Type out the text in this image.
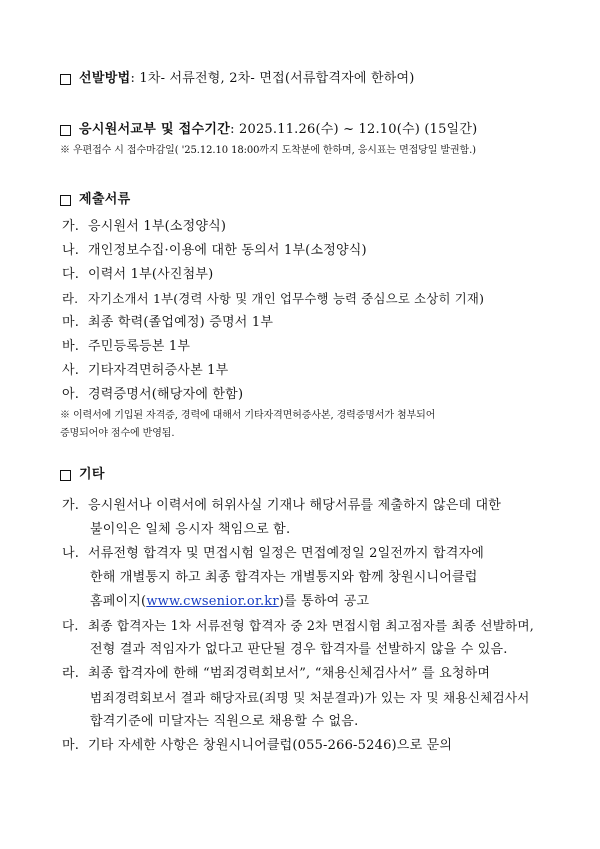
선발방법 : 1차- 서류전형, 2차- 면접(서류합격자에 한하여)
응시원서교부 및 접수기간 : 2025.11.26(수) ~ 12.10(수) (15일간)
※ 우편접수 시 접수마감일( '25.12.10 18:00까지 도착분에 한하며, 응시표는 면접당일 발권함.)
제출서류
가. 응시원서 1부(소정양식)
나. 개인정보수집·이용에 대한 동의서 1부(소정양식)
다. 이력서 1부(사진첨부)
라. 자기소개서 1부(경력 사항 및 개인 업무수행 능력 중심으로 소상히 기재)
마. 최종 학력(졸업예정) 증명서 1부
바. 주민등록등본 1부
사. 기타자격면허증사본 1부
아. 경력증명서(해당자에 한함)
※ 이력서에 기입된 자격증, 경력에 대해서 기타자격면허증사본, 경력증명서가 첨부되어
증명되어야 점수에 반영됨.
기타
가. 응시원서나 이력서에 허위사실 기재나 해당서류를 제출하지 않은데 대한
불이익은 일체 응시자 책임으로 함.
나. 서류전형 합격자 및 면접시험 일정은 면접예정일 2일전까지 합격자에
한해 개별통지 하고 최종 합격자는 개별통지와 함께 창원시니어클럽
홈페이지(www.cwsenior.or.kr)를 통하여 공고
다. 최종 합격자는 1차 서류전형 합격자 중 2차 면접시험 최고점자를 최종 선발하며,
전형 결과 적임자가 없다고 판단될 경우 합격자를 선발하지 않을 수 있음.
라. 최종 합격자에 한해 “범죄경력회보서”, “채용신체검사서” 를 요청하며
범죄경력회보서 결과 해당자료(죄명 및 처분결과)가 있는 자 및 채용신체검사서
합격기준에 미달자는 직원으로 채용할 수 없음.
마. 기타 자세한 사항은 창원시니어클럽(055-266-5246)으로 문의
